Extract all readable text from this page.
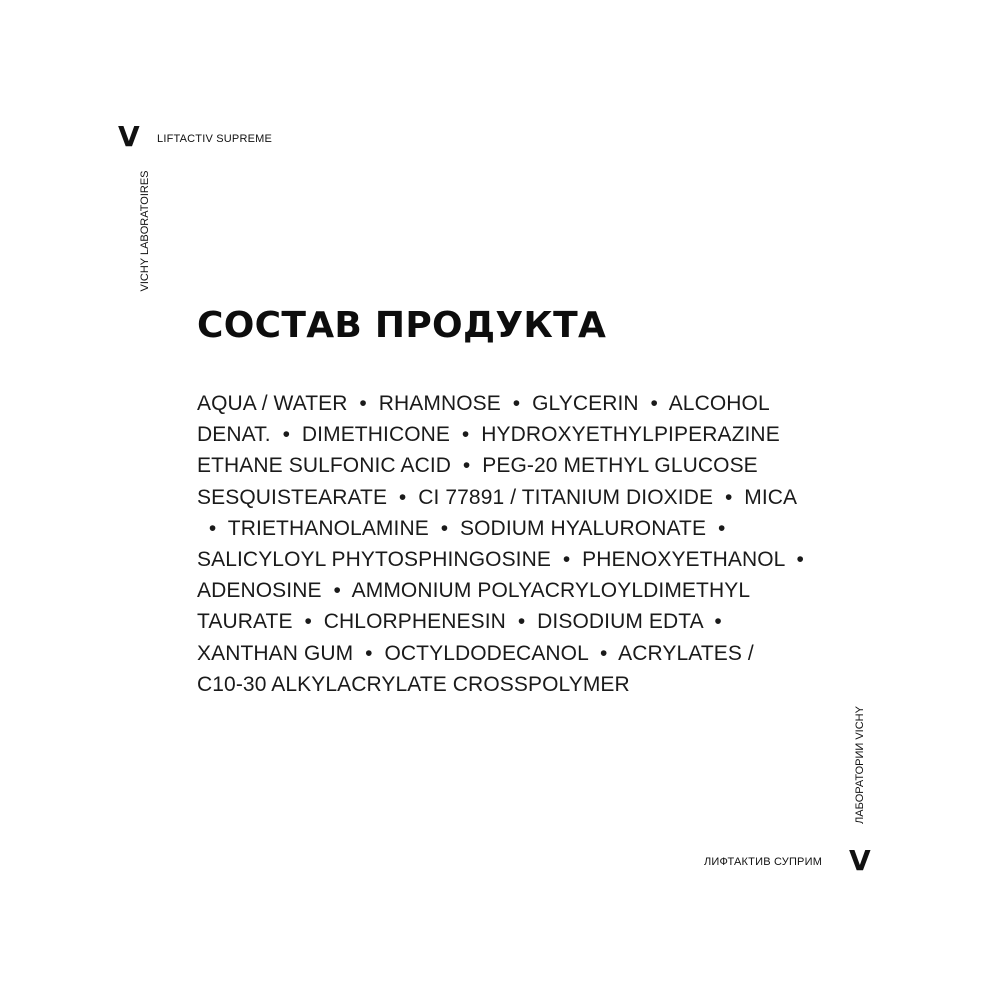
V LIFTACTIV SUPREME
VICHY LABORATOIRES
СОСТАВ ПРОДУКТА
AQUA / WATER  •  RHAMNOSE  •  GLYCERIN  •  ALCOHOL
DENAT.  •  DIMETHICONE  •  HYDROXYETHYLPIPERAZINE
ETHANE SULFONIC ACID  •  PEG-20 METHYL GLUCOSE
SESQUISTEARATE  •  CI 77891 / TITANIUM DIOXIDE  •  MICA
•  TRIETHANOLAMINE  •  SODIUM HYALURONATE  •
SALICYLOYL PHYTOSPHINGOSINE  •  PHENOXYETHANOL  •
ADENOSINE  •  AMMONIUM POLYACRYLOYLDIMETHYL
TAURATE  •  CHLORPHENESIN  •  DISODIUM EDTA  •
XANTHAN GUM  •  OCTYLDODECANOL  •  ACRYLATES /
C10-30 ALKYLACRYLATE CROSSPOLYMER
ЛАБОРАТОРИИ VICHY
ЛИФТАКТИВ СУПРИМ V
